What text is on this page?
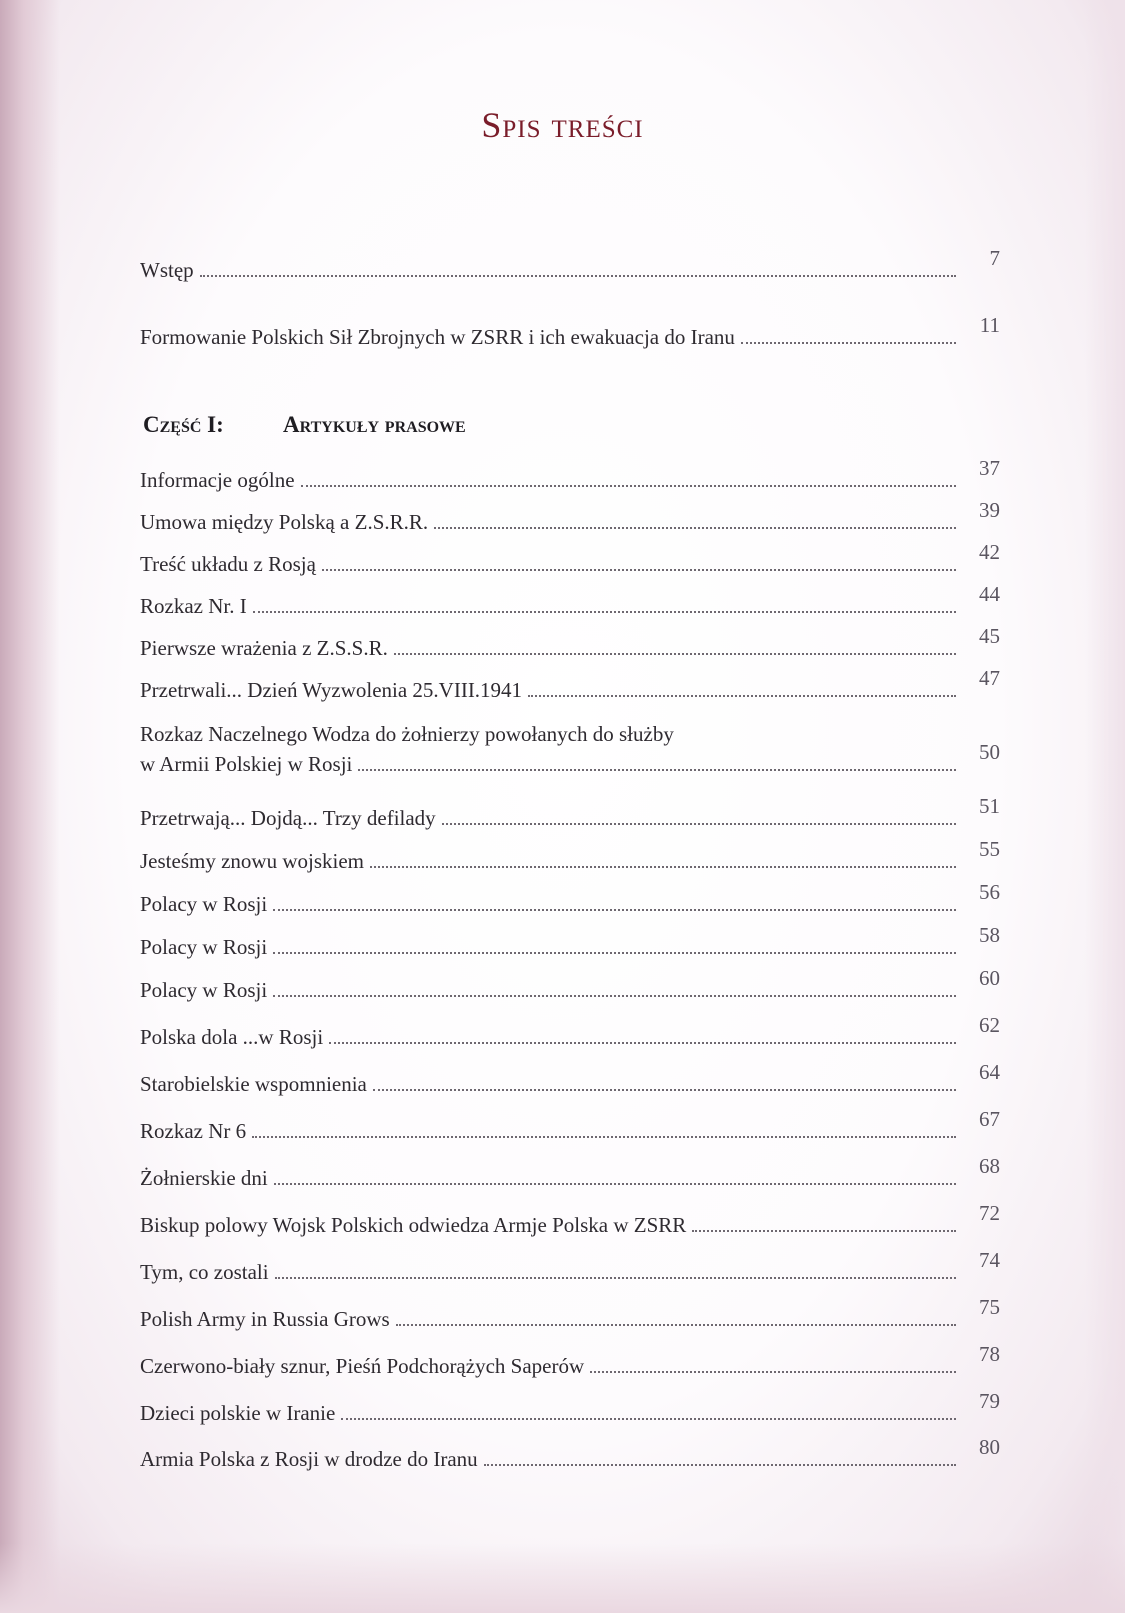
Spis treści
Wstęp	7
Formowanie Polskich Sił Zbrojnych w ZSRR i ich ewakuacja do Iranu	11
Część I:	Artykuły prasowe
Informacje ogólne	37
Umowa między Polską a Z.S.R.R.	39
Treść układu z Rosją	42
Rozkaz Nr. I	44
Pierwsze wrażenia z Z.S.S.R.	45
Przetrwali... Dzień Wyzwolenia 25.VIII.1941	47
Rozkaz Naczelnego Wodza do żołnierzy powołanych do służby
w Armii Polskiej w Rosji	50
Przetrwają... Dojdą... Trzy defilady	51
Jesteśmy znowu wojskiem	55
Polacy w Rosji	56
Polacy w Rosji	58
Polacy w Rosji	60
Polska dola ...w Rosji	62
Starobielskie wspomnienia	64
Rozkaz Nr 6	67
Żołnierskie dni	68
Biskup polowy Wojsk Polskich odwiedza Armje Polska w ZSRR	72
Tym, co zostali	74
Polish Army in Russia Grows	75
Czerwono-biały sznur, Pieśń Podchorążych Saperów	78
Dzieci polskie w Iranie	79
Armia Polska z Rosji w drodze do Iranu	80
